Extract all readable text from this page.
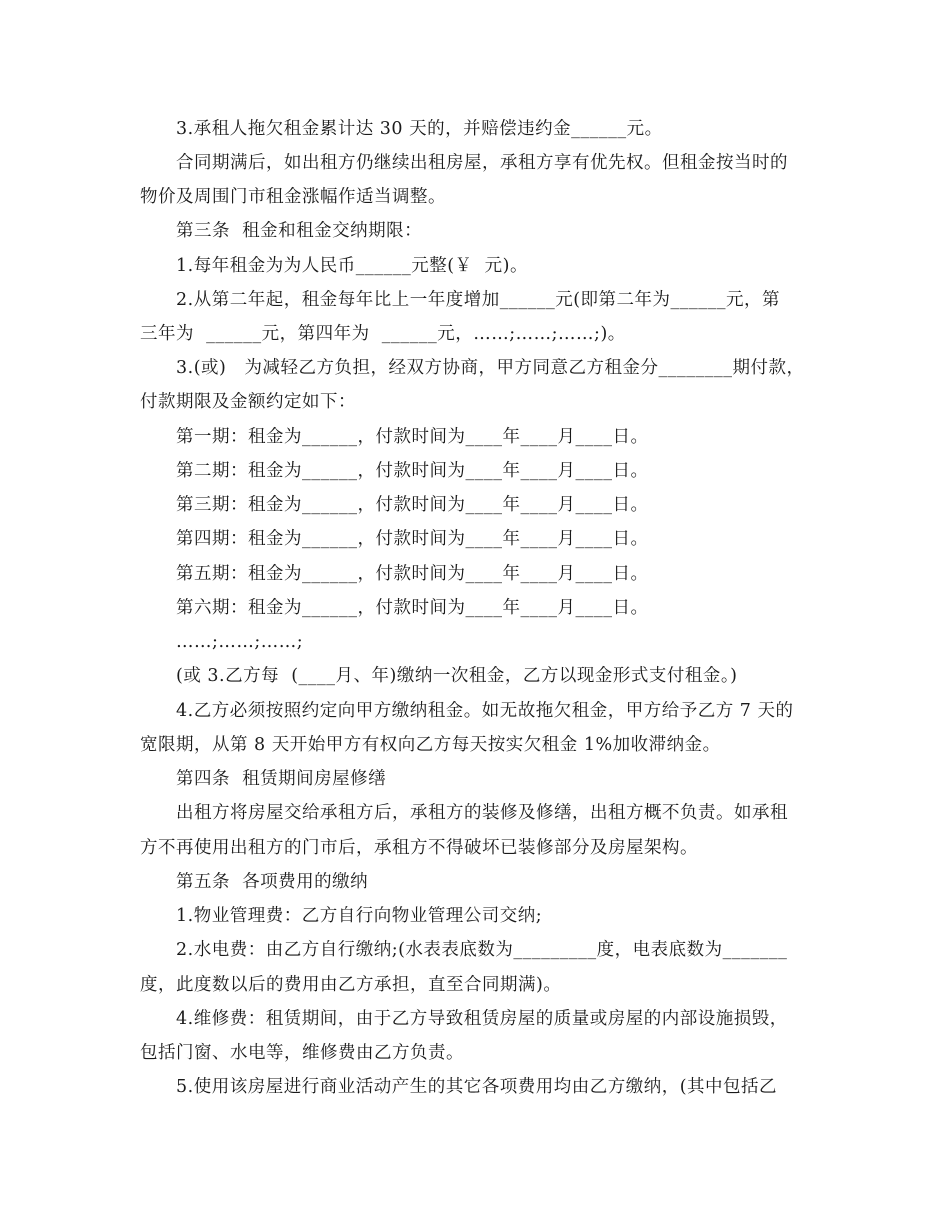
3.承租人拖欠租金累计达 30 天的，并赔偿违约金______元。
合同期满后，如出租方仍继续出租房屋，承租方享有优先权。但租金按当时的
物价及周围门市租金涨幅作适当调整。
第三条  租金和租金交纳期限：
1.每年租金为为人民币______元整(￥  元)。
2.从第二年起，租金每年比上一年度增加______元(即第二年为______元，第
三年为  ______元，第四年为  ______元，……;……;……;)。
3.(或)   为减轻乙方负担，经双方协商，甲方同意乙方租金分________期付款，
付款期限及金额约定如下：
第一期：租金为______，付款时间为____年____月____日。
第二期：租金为______，付款时间为____年____月____日。
第三期：租金为______，付款时间为____年____月____日。
第四期：租金为______，付款时间为____年____月____日。
第五期：租金为______，付款时间为____年____月____日。
第六期：租金为______，付款时间为____年____月____日。
……;……;……;
(或 3.乙方每  (____月、年)缴纳一次租金，乙方以现金形式支付租金。)
4.乙方必须按照约定向甲方缴纳租金。如无故拖欠租金，甲方给予乙方 7 天的
宽限期，从第 8 天开始甲方有权向乙方每天按实欠租金 1%加收滞纳金。
第四条  租赁期间房屋修缮
出租方将房屋交给承租方后，承租方的装修及修缮，出租方概不负责。如承租
方不再使用出租方的门市后，承租方不得破坏已装修部分及房屋架构。
第五条  各项费用的缴纳
1.物业管理费：乙方自行向物业管理公司交纳;
2.水电费：由乙方自行缴纳;(水表表底数为_________度，电表底数为_______
度，此度数以后的费用由乙方承担，直至合同期满)。
4.维修费：租赁期间，由于乙方导致租赁房屋的质量或房屋的内部设施损毁，
包括门窗、水电等，维修费由乙方负责。
5.使用该房屋进行商业活动产生的其它各项费用均由乙方缴纳，(其中包括乙
